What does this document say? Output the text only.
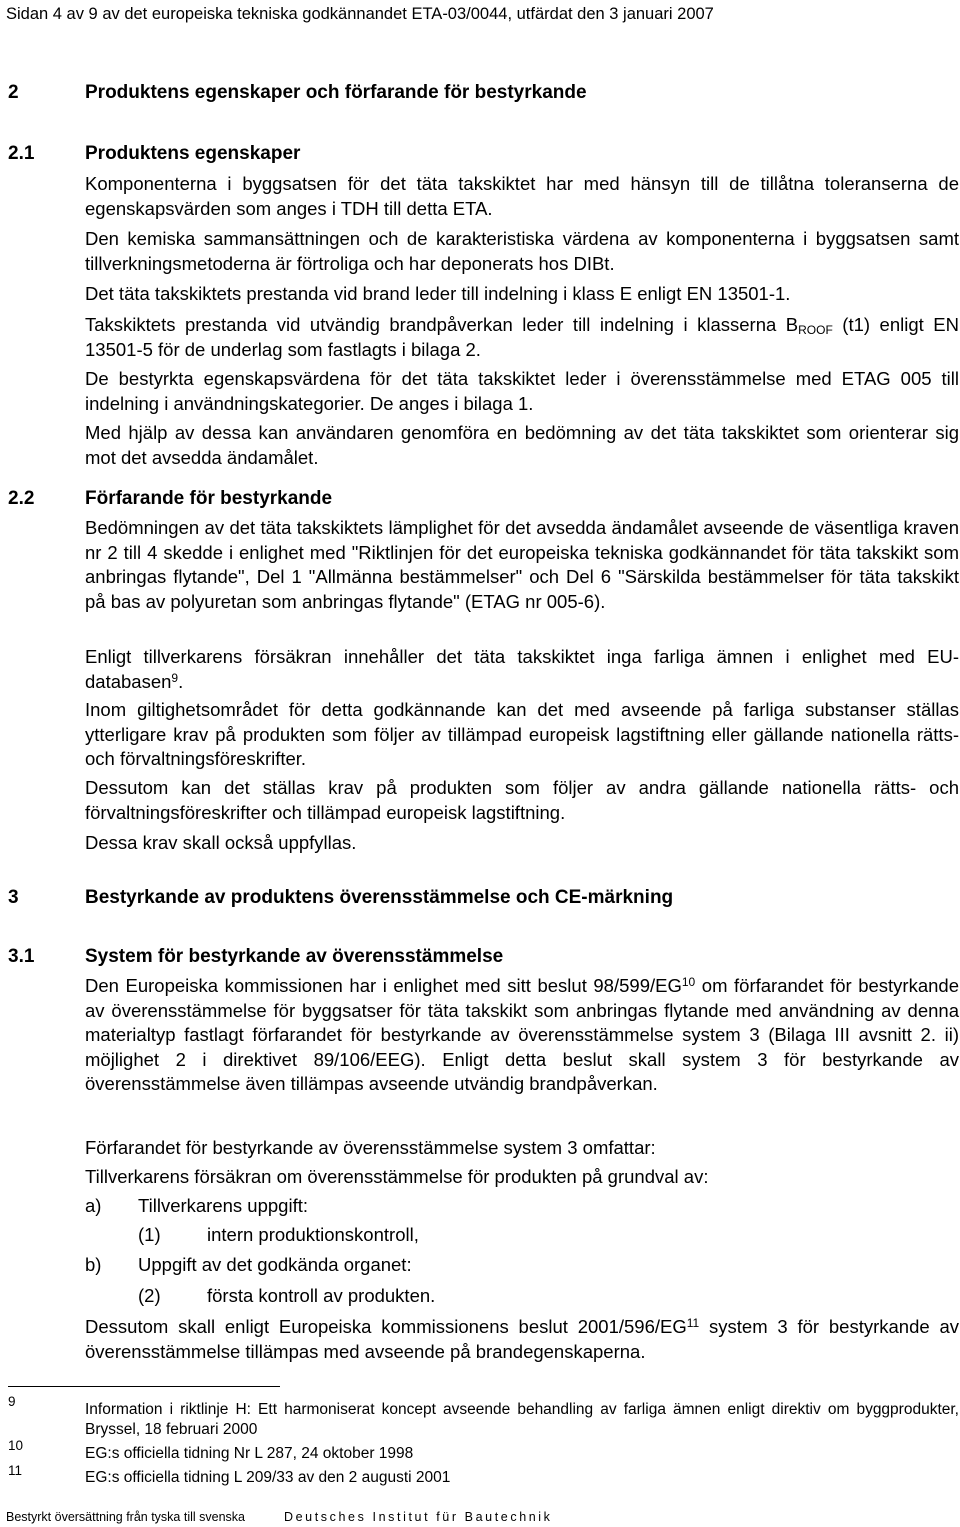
Sidan 4 av 9 av det europeiska tekniska godkännandet ETA-03/0044, utfärdat den 3 januari 2007
2	Produktens egenskaper och förfarande för bestyrkande
2.1	Produktens egenskaper

Komponenterna i byggsatsen för det täta takskiktet har med hänsyn till de tillåtna toleranserna de egenskapsvärden som anges i TDH till detta ETA.

Den kemiska sammansättningen och de karakteristiska värdena av komponenterna i byggsatsen samt tillverkningsmetoderna är förtroliga och har deponerats hos DIBt.

Det täta takskiktets prestanda vid brand leder till indelning i klass E enligt EN 13501-1.

Takskiktets prestanda vid utvändig brandpåverkan leder till indelning i klasserna $B_{ROOF}$ (t1) enligt EN 13501-5 för de underlag som fastlagts i bilaga 2.

De bestyrkta egenskapsvärdena för det täta takskiktet leder i överensstämmelse med ETAG 005 till indelning i användningskategorier. De anges i bilaga 1.

Med hjälp av dessa kan användaren genomföra en bedömning av det täta takskiktet som orienterar sig mot det avsedda ändamålet.

2.2	Förfarande för bestyrkande

Bedömningen av det täta takskiktets lämplighet för det avsedda ändamålet avseende de väsentliga kraven nr 2 till 4 skedde i enlighet med "Riktlinjen för det europeiska tekniska godkännandet för täta takskikt som anbringas flytande", Del 1 "Allmänna bestämmelser" och Del 6 "Särskilda bestämmelser för täta takskikt på bas av polyuretan som anbringas flytande" (ETAG nr 005-6).

Enligt tillverkarens försäkran innehåller det täta takskiktet inga farliga ämnen i enlighet med EU-databasen$^9$.

Inom giltighetsområdet för detta godkännande kan det med avseende på farliga substanser ställas ytterligare krav på produkten som följer av tillämpad europeisk lagstiftning eller gällande nationella rätts- och förvaltningsföreskrifter.

Dessutom kan det ställas krav på produkten som följer av andra gällande nationella rätts- och förvaltningsföreskrifter och tillämpad europeisk lagstiftning.

Dessa krav skall också uppfyllas.

3	Bestyrkande av produktens överensstämmelse och CE-märkning
3.1	System för bestyrkande av överensstämmelse

Den Europeiska kommissionen har i enlighet med sitt beslut 98/599/EG$^{10}$ om förfarandet för bestyrkande av överensstämmelse för byggsatser för täta takskikt som anbringas flytande med användning av denna materialtyp fastlagt förfarandet för bestyrkande av överensstämmelse system 3 (Bilaga III avsnitt 2. ii) möjlighet 2 i direktivet 89/106/EEG). Enligt detta beslut skall system 3 för bestyrkande av överensstämmelse även tillämpas avseende utvändig brandpåverkan.

Förfarandet för bestyrkande av överensstämmelse system 3 omfattar:

Tillverkarens försäkran om överensstämmelse för produkten på grundval av:

a) Tillverkarens uppgift:
(1)	intern produktionskontroll,
b) Uppgift av det godkända organet:
(2)	första kontroll av produkten.

Dessutom skall enligt Europeiska kommissionens beslut 2001/596/EG$^{11}$ system 3 för bestyrkande av överensstämmelse tillämpas med avseende på brandegenskaperna.

9	Information i riktlinje H: Ett harmoniserat koncept avseende behandling av farliga ämnen enligt direktiv om byggprodukter, Bryssel, 18 februari 2000

10	EG:s officiella tidning Nr L 287, 24 oktober 1998

11	EG:s officiella tidning L 209/33 av den 2 augusti 2001

Bestyrkt översättning från tyska till svenska	Deutsches Institut für Bautechnik
